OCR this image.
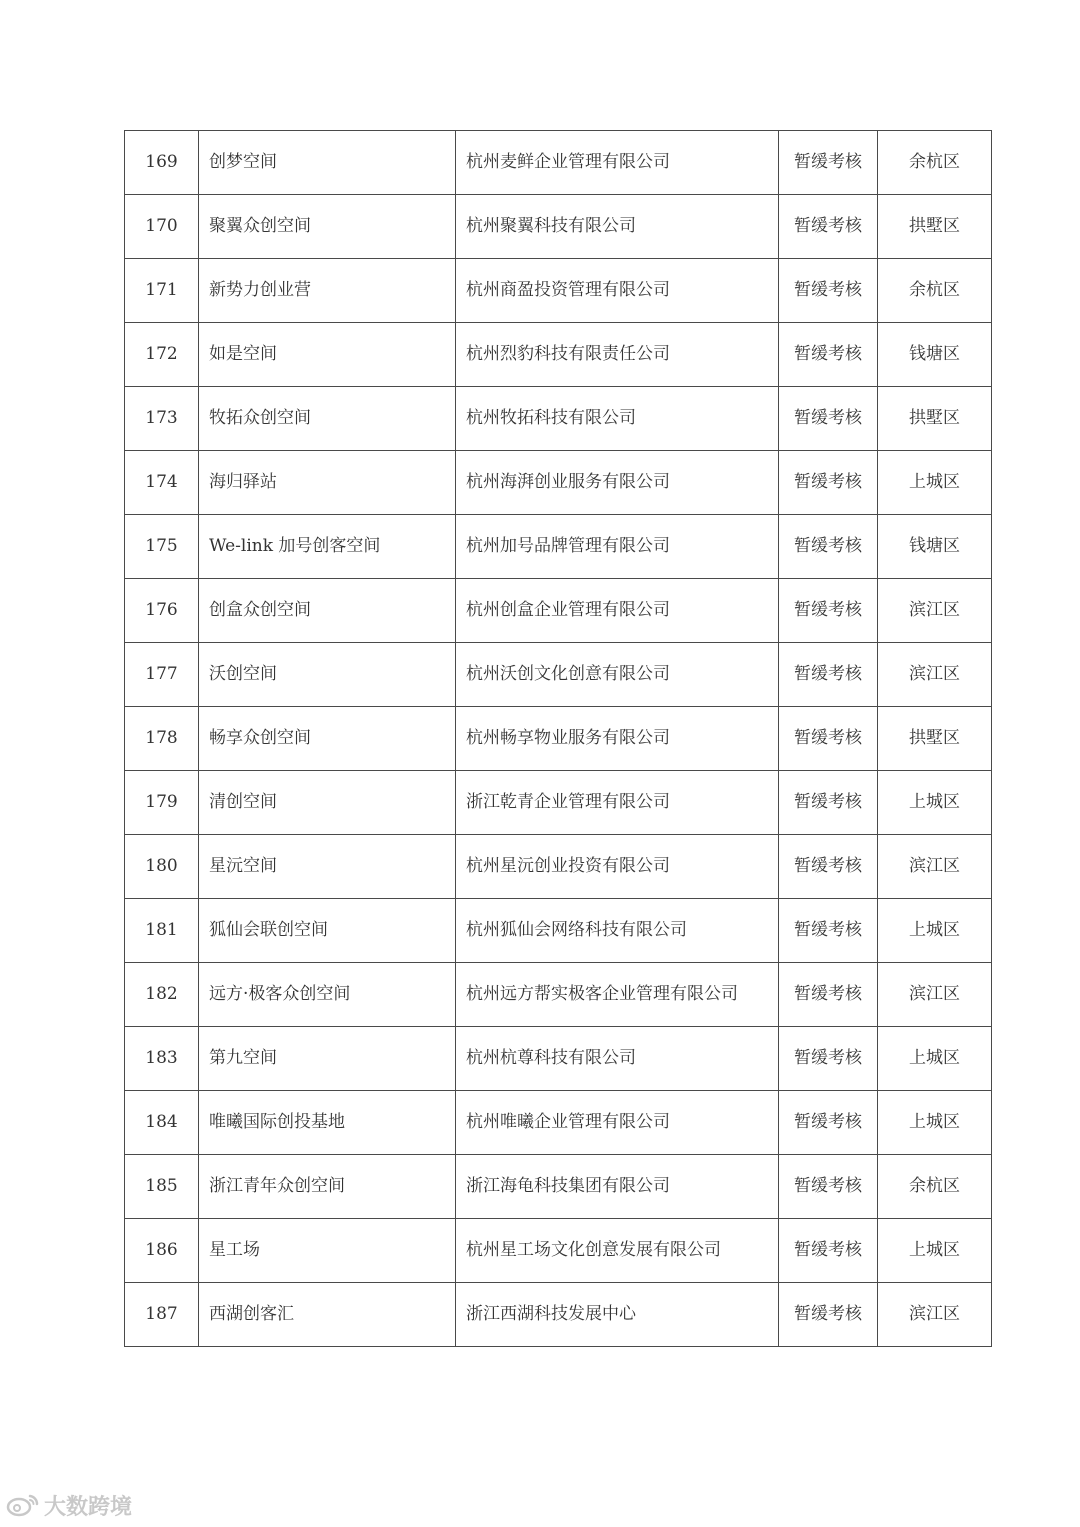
169	创梦空间	杭州麦鲜企业管理有限公司	暂缓考核	余杭区
170	聚翼众创空间	杭州聚翼科技有限公司	暂缓考核	拱墅区
171	新势力创业营	杭州商盈投资管理有限公司	暂缓考核	余杭区
172	如是空间	杭州烈豹科技有限责任公司	暂缓考核	钱塘区
173	牧拓众创空间	杭州牧拓科技有限公司	暂缓考核	拱墅区
174	海归驿站	杭州海湃创业服务有限公司	暂缓考核	上城区
175	We-link 加号创客空间	杭州加号品牌管理有限公司	暂缓考核	钱塘区
176	创盒众创空间	杭州创盒企业管理有限公司	暂缓考核	滨江区
177	沃创空间	杭州沃创文化创意有限公司	暂缓考核	滨江区
178	畅享众创空间	杭州畅享物业服务有限公司	暂缓考核	拱墅区
179	清创空间	浙江乾青企业管理有限公司	暂缓考核	上城区
180	星沅空间	杭州星沅创业投资有限公司	暂缓考核	滨江区
181	狐仙会联创空间	杭州狐仙会网络科技有限公司	暂缓考核	上城区
182	远方·极客众创空间	杭州远方帮实极客企业管理有限公司	暂缓考核	滨江区
183	第九空间	杭州杭尊科技有限公司	暂缓考核	上城区
184	唯曦国际创投基地	杭州唯曦企业管理有限公司	暂缓考核	上城区
185	浙江青年众创空间	浙江海龟科技集团有限公司	暂缓考核	余杭区
186	星工场	杭州星工场文化创意发展有限公司	暂缓考核	上城区
187	西湖创客汇	浙江西湖科技发展中心	暂缓考核	滨江区
大数跨境
